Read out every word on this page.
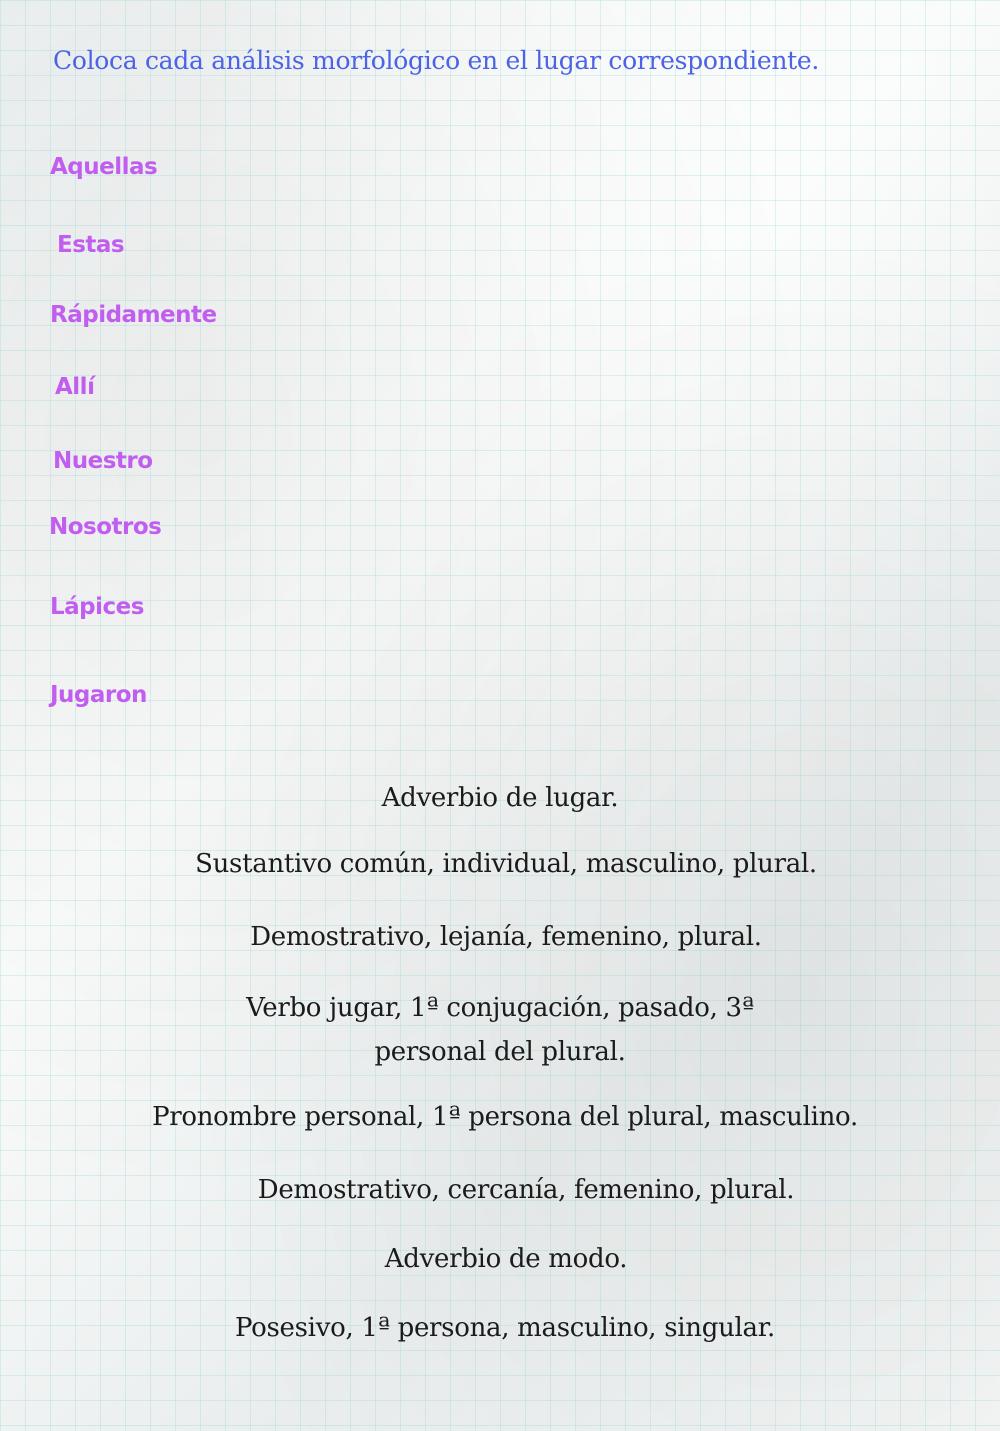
Coloca cada análisis morfológico en el lugar correspondiente.

Aquellas

Estas

Rápidamente

Allí

Nuestro

Nosotros

Lápices

Jugaron

Adverbio de lugar.

Sustantivo común, individual, masculino, plural.

Demostrativo, lejanía, femenino, plural.

Verbo jugar, 1ª conjugación, pasado, 3ª

personal del plural.

Pronombre personal, 1ª persona del plural, masculino.

Demostrativo, cercanía, femenino, plural.

Adverbio de modo.

Posesivo, 1ª persona, masculino, singular.
